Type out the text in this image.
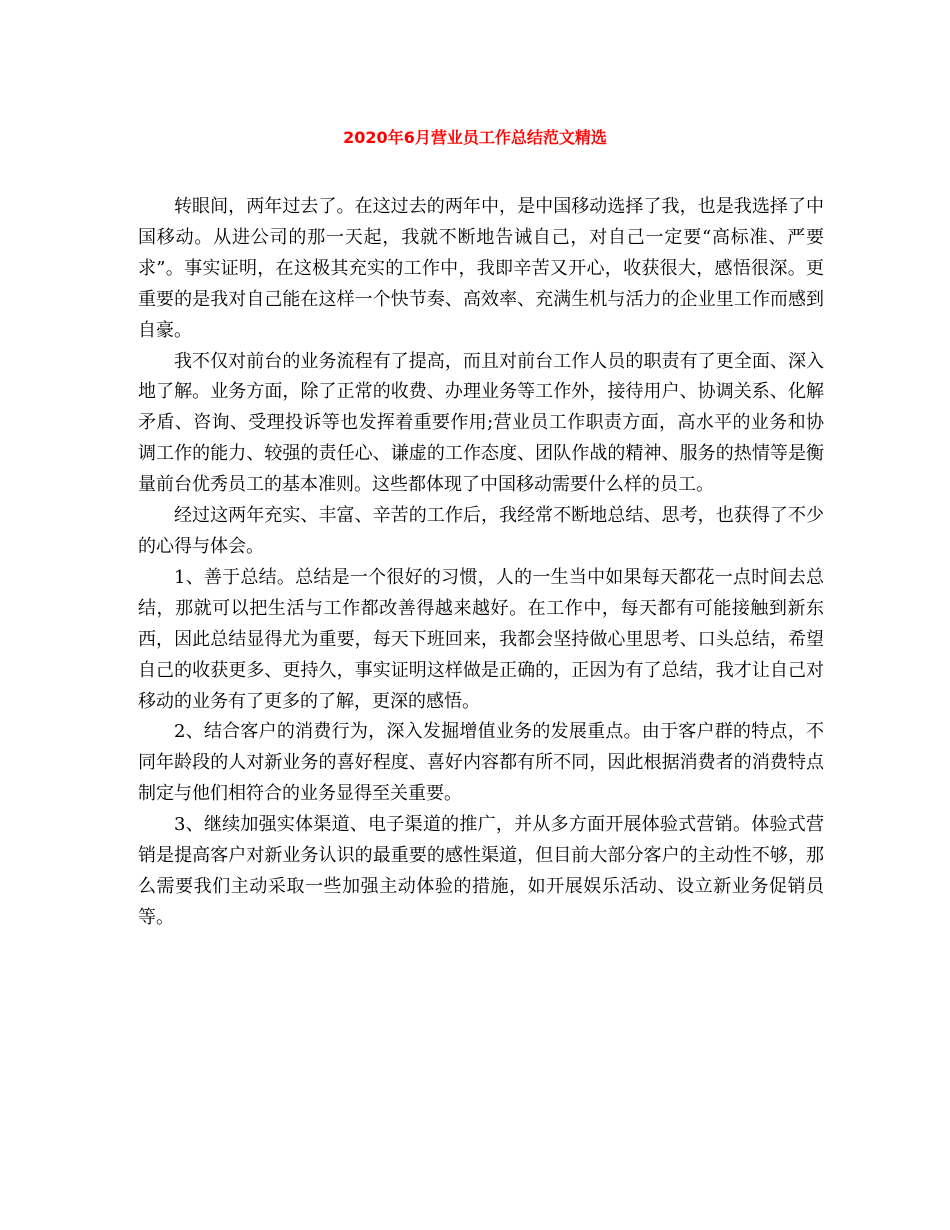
2020年6月营业员工作总结范文精选

转眼间，两年过去了。在这过去的两年中，是中国移动选择了我，也是我选择了中国移动。从进公司的那一天起，我就不断地告诫自己，对自己一定要“高标准、严要求”。事实证明，在这极其充实的工作中，我即辛苦又开心，收获很大，感悟很深。更重要的是我对自己能在这样一个快节奏、高效率、充满生机与活力的企业里工作而感到自豪。

我不仅对前台的业务流程有了提高，而且对前台工作人员的职责有了更全面、深入地了解。业务方面，除了正常的收费、办理业务等工作外，接待用户、协调关系、化解矛盾、咨询、受理投诉等也发挥着重要作用;营业员工作职责方面，高水平的业务和协调工作的能力、较强的责任心、谦虚的工作态度、团队作战的精神、服务的热情等是衡量前台优秀员工的基本准则。这些都体现了中国移动需要什么样的员工。

经过这两年充实、丰富、辛苦的工作后，我经常不断地总结、思考，也获得了不少的心得与体会。

1、善于总结。总结是一个很好的习惯，人的一生当中如果每天都花一点时间去总结，那就可以把生活与工作都改善得越来越好。在工作中，每天都有可能接触到新东西，因此总结显得尤为重要，每天下班回来，我都会坚持做心里思考、口头总结，希望自己的收获更多、更持久，事实证明这样做是正确的，正因为有了总结，我才让自己对移动的业务有了更多的了解，更深的感悟。

2、结合客户的消费行为，深入发掘增值业务的发展重点。由于客户群的特点，不同年龄段的人对新业务的喜好程度、喜好内容都有所不同，因此根据消费者的消费特点制定与他们相符合的业务显得至关重要。

3、继续加强实体渠道、电子渠道的推广，并从多方面开展体验式营销。体验式营销是提高客户对新业务认识的最重要的感性渠道，但目前大部分客户的主动性不够，那么需要我们主动采取一些加强主动体验的措施，如开展娱乐活动、设立新业务促销员等。
